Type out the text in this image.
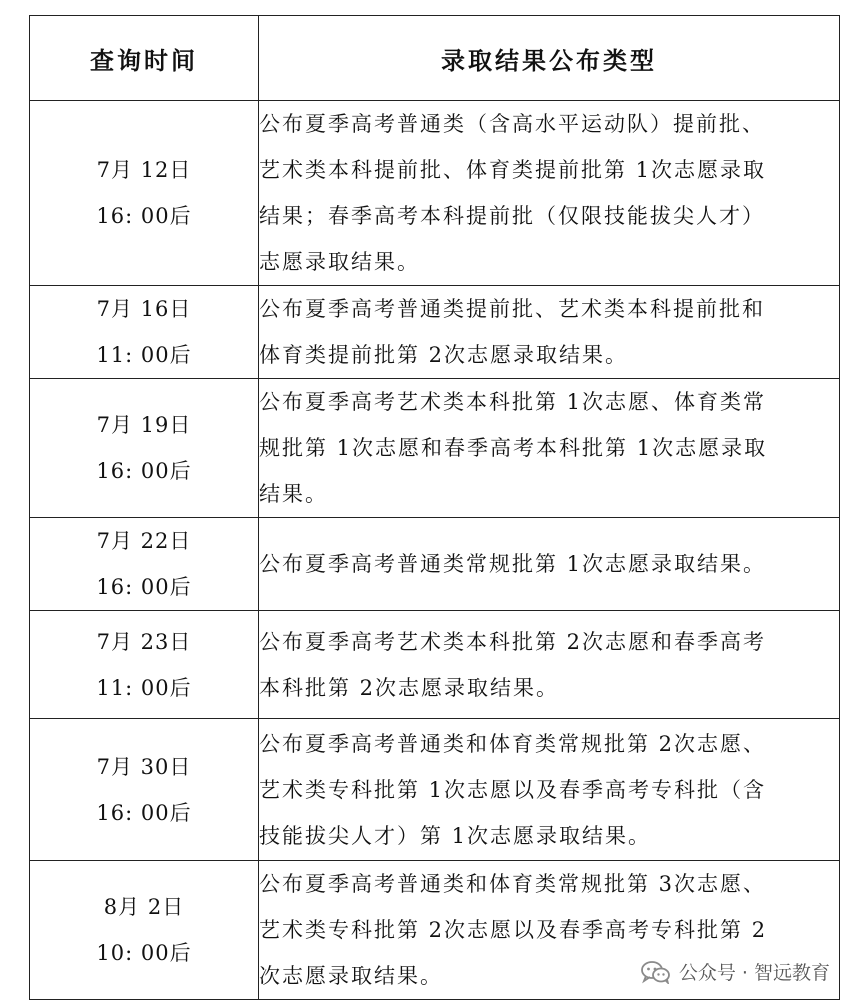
查询时间	录取结果公布类型

7月 12日
16: 00后	公布夏季高考普通类（含高水平运动队）提前批、
艺术类本科提前批、体育类提前批第 1次志愿录取
结果；春季高考本科提前批（仅限技能拔尖人才）
志愿录取结果。

7月 16日
11: 00后	公布夏季高考普通类提前批、艺术类本科提前批和
体育类提前批第 2次志愿录取结果。

7月 19日
16: 00后	公布夏季高考艺术类本科批第 1次志愿、体育类常
规批第 1次志愿和春季高考本科批第 1次志愿录取
结果。

7月 22日
16: 00后	公布夏季高考普通类常规批第 1次志愿录取结果。

7月 23日
11: 00后	公布夏季高考艺术类本科批第 2次志愿和春季高考
本科批第 2次志愿录取结果。

7月 30日
16: 00后	公布夏季高考普通类和体育类常规批第 2次志愿、
艺术类专科批第 1次志愿以及春季高考专科批（含
技能拔尖人才）第 1次志愿录取结果。

8月 2日
10: 00后	公布夏季高考普通类和体育类常规批第 3次志愿、
艺术类专科批第 2次志愿以及春季高考专科批第 2
次志愿录取结果。	公众号 · 智远教育
